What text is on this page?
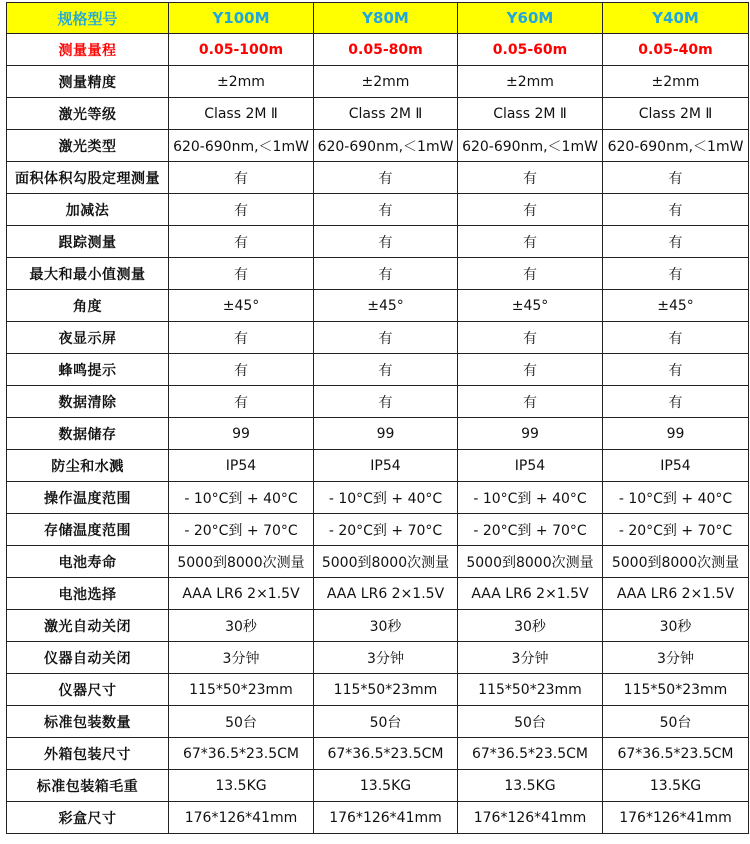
规格型号	Y100M	Y80M	Y60M	Y40M
测量量程	0.05-100m	0.05-80m	0.05-60m	0.05-40m
测量精度	±2mm	±2mm	±2mm	±2mm
激光等级	Class 2M Ⅱ	Class 2M Ⅱ	Class 2M Ⅱ	Class 2M Ⅱ
激光类型	620-690nm,＜1mW	620-690nm,＜1mW	620-690nm,＜1mW	620-690nm,＜1mW
面积体积勾股定理测量	有	有	有	有
加减法	有	有	有	有
跟踪测量	有	有	有	有
最大和最小值测量	有	有	有	有
角度	±45°	±45°	±45°	±45°
夜显示屏	有	有	有	有
蜂鸣提示	有	有	有	有
数据清除	有	有	有	有
数据储存	99	99	99	99
防尘和水溅	IP54	IP54	IP54	IP54
操作温度范围	- 10°C到 + 40°C	- 10°C到 + 40°C	- 10°C到 + 40°C	- 10°C到 + 40°C
存储温度范围	- 20°C到 + 70°C	- 20°C到 + 70°C	- 20°C到 + 70°C	- 20°C到 + 70°C
电池寿命	5000到8000次测量	5000到8000次测量	5000到8000次测量	5000到8000次测量
电池选择	AAA LR6 2×1.5V	AAA LR6 2×1.5V	AAA LR6 2×1.5V	AAA LR6 2×1.5V
激光自动关闭	30秒	30秒	30秒	30秒
仪器自动关闭	3分钟	3分钟	3分钟	3分钟
仪器尺寸	115*50*23mm	115*50*23mm	115*50*23mm	115*50*23mm
标准包装数量	50台	50台	50台	50台
外箱包装尺寸	67*36.5*23.5CM	67*36.5*23.5CM	67*36.5*23.5CM	67*36.5*23.5CM
标准包装箱毛重	13.5KG	13.5KG	13.5KG	13.5KG
彩盒尺寸	176*126*41mm	176*126*41mm	176*126*41mm	176*126*41mm
